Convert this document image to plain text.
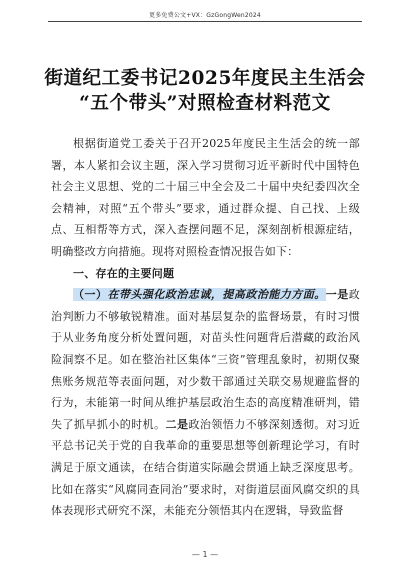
更多免费公文+VX：GzGongWen2024
街道纪工委书记2025年度民主生活会
“五个带头”对照检查材料范文

根据街道党工委关于召开2025年度民主生活会的统一部署，本人紧扣会议主题，深入学习贯彻习近平新时代中国特色社会主义思想、党的二十届三中全会及二十届中央纪委四次全会精神，对照“五个带头”要求，通过群众提、自己找、上级点、互相帮等方式，深入查摆问题不足，深刻剖析根源症结，明确整改方向措施。现将对照检查情况报告如下：

一、存在的主要问题

（一）在带头强化政治忠诚，提高政治能力方面。一是政治判断力不够敏锐精准。面对基层复杂的监督场景，有时习惯于从业务角度分析处置问题，对苗头性问题背后潜藏的政治风险洞察不足。如在整治社区集体“三资”管理乱象时，初期仅聚焦账务规范等表面问题，对少数干部通过关联交易规避监督的行为，未能第一时间从维护基层政治生态的高度精准研判，错失了抓早抓小的时机。二是政治领悟力不够深刻透彻。对习近平总书记关于党的自我革命的重要思想等创新理论学习，有时满足于原文通读，在结合街道实际融会贯通上缺乏深度思考。比如在落实“风腐同查同治”要求时，对街道层面风腐交织的具体表现形式研究不深，未能充分领悟其内在逻辑，导致监督

— 1 —
